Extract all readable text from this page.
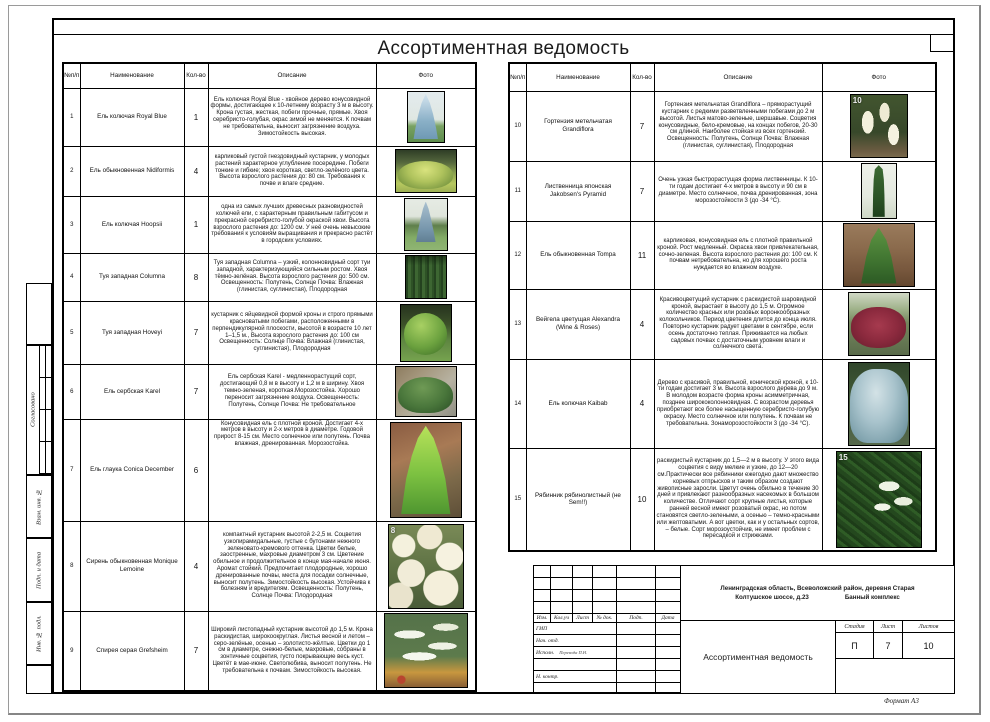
Согласовано
Взам. инв. №
Подп. и дата
Инв. № подл.
Ассортиментная ведомость
№п/п	Наименование	Кол-во	Описание	Фото
1	Ель колючая Royal Blue	1	Ель колючая Royal Blue - хвойное дерево конусовидной формы, достигающее к 10-летнему возрасту 3 м в высоту. Крона густая, жесткая, побеги прочные, прямые. Хвоя серебристо-голубая, окрас зимой не меняется. К почвам не требовательна, выносит загрязнение воздуха. Зимостойкость высокая.	

2	Ель обыкновенная Nidiformis	4	карликовый густой гнездовидный кустарник, у молодых растений характерное углубление посередине. Побеги тонкие и гибкие; хвоя короткая, светло-зелёного цвета. Высота взрослого растения до: 80 см. Требования к почве и влаге средние.	

3	Ель колючая Hoopsii	1	одна из самых лучших древесных разновидностей колючей ели, с характерным правильным габитусом и прекрасной серебристо-голубой окраской хвои. Высота взрослого растения до: 1200 см. У неё очень невысокие требования к условиям выращивания и прекрасно растёт в городских условиях.	

4	Туя западная Columna	8	Туя западная Columna – узкий, колонновидный сорт туи западной, характеризующийся сильным ростом. Хвоя тёмно-зелёная. Высота взрослого растения до: 500 см. Освещенность: Полутень, Солнце Почва: Влажная (глинистая, суглинистая), Плодородная	

5	Туя западная Hoveyi	7	кустарник с яйцевидной формой кроны и строго прямыми красноватыми побегами, расположенными в перпендикулярной плоскости, высотой в возрасте 10 лет 1–1,5 м., Высота взрослого растения до: 100 см Освещенность: Солнце Почва: Влажная (глинистая, суглинистая), Плодородная	

6	Ель сербская Karel	7	Ель сербская Karel - медленнорастущий сорт, достигающий 0,8 м в высоту и 1,2 м в ширину. Хвоя темно-зеленая, короткая.Морозостойка. Хорошо переносит загрязнение воздуха. Освещенность: Полутень, Солнце Почва: Не требовательное	

7	Ель глаука Conica December	6	Конусовидная ель с плотной кроной. Достигает 4-х метров в высоту и 2-х метров в диаметре. Годовой прирост 8-15 см. Место солнечное или полутень. Почва влажная, дренированная. Морозостойка.	

8	Сирень обыкновенная Monique Lemoine	4	компактный кустарник высотой 2-2,5 м. Соцветия узкопирамидальные, густые с бутонами нежного зеленовато-кремового оттенка. Цветки белые, заостренные, махровые диаметром 3 см. Цветение обильное и продолжительное в конце мая-начале июня. Аромат стойкий. Предпочитает плодородные, хорошо дренированные почвы, места для посадки солнечные, выносит полутень. Зимостойкость высокая. Устойчива к болезням и вредителям. Освещенность: Полутень, Солнце Почва: Плодородная	8

9	Спирея серая Grefsheim	7	Широкий листопадный кустарник высотой до 1,5 м. Крона раскидистая, широкоокруглая. Листья весной и летом – серо-зелёные, осенью – золотисто-жёлтые. Цветки до 1 см в диаметре, снежно-белые, махровые, собраны в зонтичные соцветия, густо покрывающие весь куст. Цветёт в мае-июне. Светолюбива, выносит полутень. Не требовательна к почвам. Зимостойкость высокая.	
№п/п	Наименование	Кол-во	Описание	Фото
10	Гортензия метельчатая Grandiflora	7	Гортензия метельчатая Grandiflora – пряморастущий кустарник с редкими разветвленными побегами до 2 м высотой. Листья матово-зеленые, шершавые. Соцветия конусовидные, бело-кремовые, на концах побегов, 20-30 см длиной. Наиболее стойкая из всех гортензий. Освещенность: Полутень, Солнце Почва: Влажная (глинистая, суглинистая), Плодородная	10

11	Лиственница японская Jakobsen's Pyramid	7	Очень узкая быстрорастущая форма лиственницы. К 10-ти годам достигает 4-х метров в высоту и 90 см в диаметре. Место солнечное, почва дренированная, зона морозостойкости 3 (до -34 °С).	

12	Ель обыкновенная Tompa	11	карликовая, конусовидная ель с плотной правильной кроной. Рост медленный. Окраска хвои привлекательная, сочно-зеленая. Высота взрослого растения до: 100 см. К почвам нетребовательна, но для хорошего роста нуждается во влажном воздухе.	

13	Вейгела цветущая Alexandra (Wine & Roses)	4	Красивоцветущий кустарник с раскидистой шаровидной кроной, вырастает в высоту до 1,5 м. Огромное количество красных или розовых воронкообразных колокольчиков. Период цветения длится до конца июля. Повторно кустарник радует цветами в сентябре, если осень достаточно теплая. Приживается на любых садовых почвах с достаточным уровнем влаги и солнечного света.	

14	Ель колючая Kaibab	4	Дерево с красивой, правильной, конической кроной, к 10-ти годам достигает 3 м. Высота взрослого дерева до 9 м. В молодом возрасте форма кроны асимметричная, позднее ширококолонновидная. С возрастом деревья приобретают все более насыщенную серебристо-голубую окраску. Место солнечное или полутень. К почвам не требовательна. Зонаморозостойкости 3 (до -34 °С).	

15	Рябинник рябинолистный (не Sem!!)	10	раскидистый кустарник до 1,5—2 м в высоту. У этого вида соцветия с виду мелкие и узкие, до 12—20 см.Практически все рябинники ежегодно дают множество корневых отпрысков и таким образом создают живописные заросли. Цветут очень обильно в течение 30 дней и привлекают разнообразных насекомых в большом количестве. Отличают сорт крупные листья, которые ранней весной имеют розоватый окрас, но потом становятся светло-зелеными, а осенью – темно-красными или желтоватыми. А вот цветки, как и у остальных сортов, – белые. Сорт морозоустойчив, не имеет проблем с пересадкой и стрижками.	15
Изм.	Кол.уч	Лист	№ док.	Подп.	Дата
ГИП
Нач. отд.
Исполн. Перевода П.Н.
Н. контр.
Ленинградская область, Всеволожский район, деревня Старая
Колтушское шоссе, д.23	Банный комплекс
Ассортиментная ведомость
Стадия	Лист	Листов
П	7	10
Формат А3
